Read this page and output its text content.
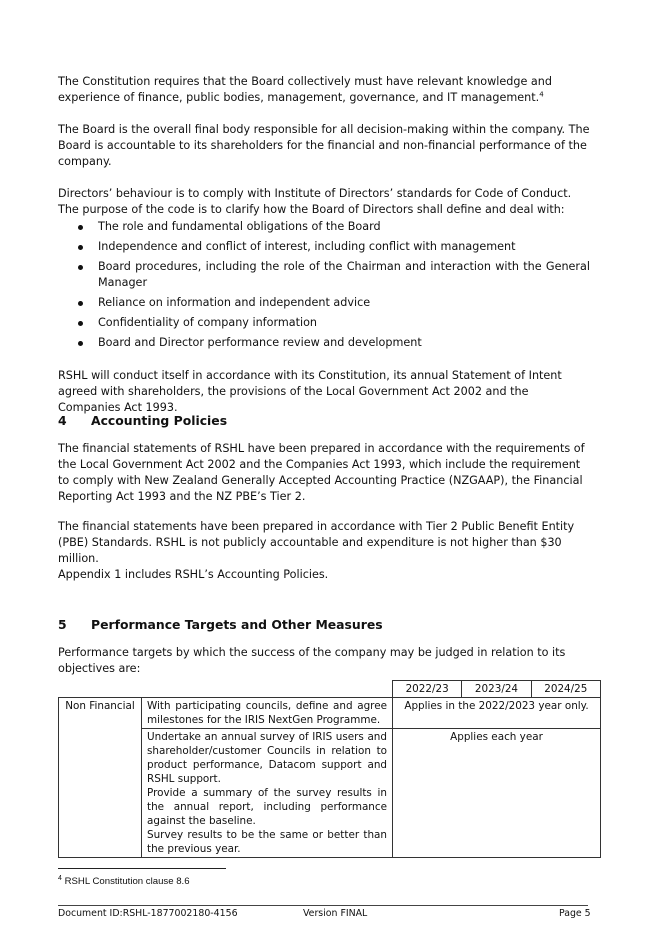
The Constitution requires that the Board collectively must have relevant knowledge and experience of finance, public bodies, management, governance, and IT management.$^4$

The Board is the overall final body responsible for all decision-making within the company. The Board is accountable to its shareholders for the financial and non-financial performance of the company.

Directors’ behaviour is to comply with Institute of Directors’ standards for Code of Conduct. The purpose of the code is to clarify how the Board of Directors shall define and deal with:

The role and fundamental obligations of the Board
Independence and conflict of interest, including conflict with management
Board procedures, including the role of the Chairman and interaction with the General Manager
Reliance on information and independent advice
Confidentiality of company information
Board and Director performance review and development

RSHL will conduct itself in accordance with its Constitution, its annual Statement of Intent agreed with shareholders, the provisions of the Local Government Act 2002 and the Companies Act 1993.

4 Accounting Policies

The financial statements of RSHL have been prepared in accordance with the requirements of the Local Government Act 2002 and the Companies Act 1993, which include the requirement to comply with New Zealand Generally Accepted Accounting Practice (NZGAAP), the Financial Reporting Act 1993 and the NZ PBE’s Tier 2.

The financial statements have been prepared in accordance with Tier 2 Public Benefit Entity (PBE) Standards. RSHL is not publicly accountable and expenditure is not higher than $30 million.

Appendix 1 includes RSHL’s Accounting Policies.

5 Performance Targets and Other Measures

Performance targets by which the success of the company may be judged in relation to its objectives are:

		2022/23	2023/24	2024/25
Non Financial	With participating councils, define and agree milestones for the IRIS NextGen Programme.	Applies in the 2022/2023 year only.		

	Undertake an annual survey of IRIS users and shareholder/customer Councils in relation to product performance, Datacom support and RSHL support.
Provide a summary of the survey results in the annual report, including performance against the baseline.
Survey results to be the same or better than the previous year.	Applies each year		
$^4$ RSHL Constitution clause 8.6
Document ID:RSHL-1877002180-4156	Version FINAL	Page 5
